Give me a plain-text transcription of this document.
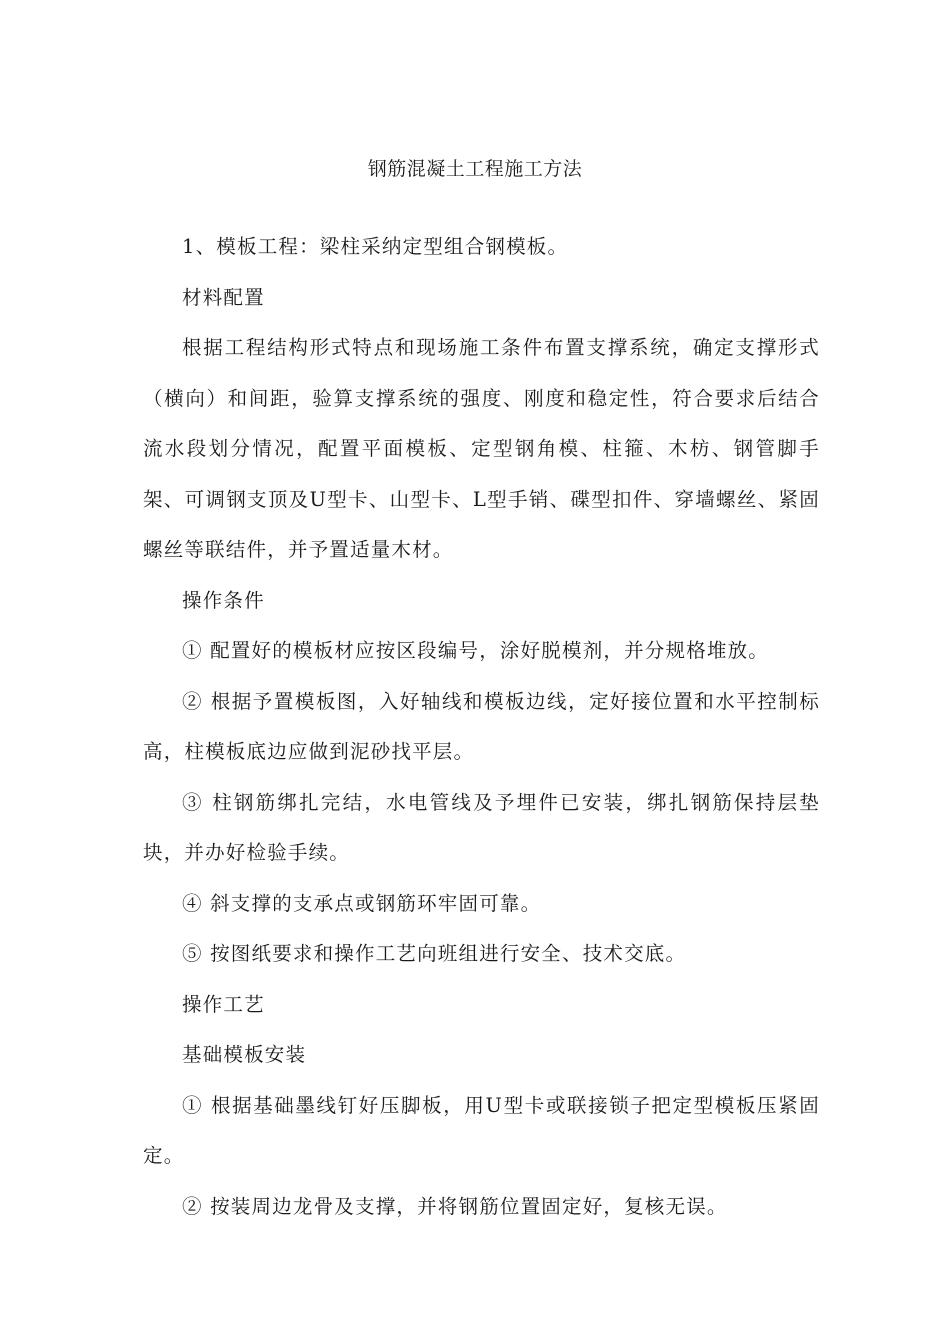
钢筋混凝土工程施工方法

1、模板工程：梁柱采纳定型组合钢模板。

材料配置

根据工程结构形式特点和现场施工条件布置支撑系统，确定支撑形式（横向）和间距，验算支撑系统的强度、刚度和稳定性，符合要求后结合流水段划分情况，配置平面模板、定型钢角模、柱箍、木枋、钢管脚手架、可调钢支顶及U型卡、山型卡、L型手销、碟型扣件、穿墙螺丝、紧固螺丝等联结件，并予置适量木材。

操作条件

① 配置好的模板材应按区段编号，涂好脱模剂，并分规格堆放。

② 根据予置模板图，入好轴线和模板边线，定好接位置和水平控制标高，柱模板底边应做到泥砂找平层。

③ 柱钢筋绑扎完结，水电管线及予埋件已安装，绑扎钢筋保持层垫块，并办好检验手续。

④ 斜支撑的支承点或钢筋环牢固可靠。

⑤ 按图纸要求和操作工艺向班组进行安全、技术交底。

操作工艺

基础模板安装

① 根据基础墨线钉好压脚板，用U型卡或联接锁子把定型模板压紧固定。

② 按装周边龙骨及支撑，并将钢筋位置固定好，复核无误。
